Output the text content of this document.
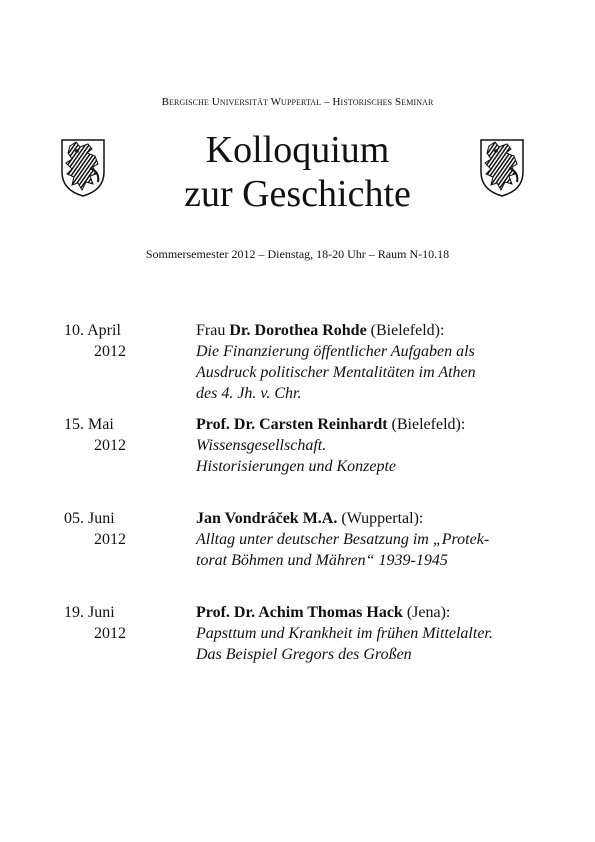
Bergische Universität Wuppertal – Historisches Seminar
Kolloquium
zur Geschichte
Sommersemester 2012 – Dienstag, 18-20 Uhr – Raum N-10.18
10. April
2012
Frau Dr. Dorothea Rohde (Bielefeld):
Die Finanzierung öffentlicher Aufgaben als
Ausdruck politischer Mentalitäten im Athen
des 4. Jh. v. Chr.
15. Mai
2012
Prof. Dr. Carsten Reinhardt (Bielefeld):
Wissensgesellschaft.
Historisierungen und Konzepte
05. Juni
2012
Jan Vondráček M.A. (Wuppertal):
Alltag unter deutscher Besatzung im „Protek-
torat Böhmen und Mähren“ 1939-1945
19. Juni
2012
Prof. Dr. Achim Thomas Hack (Jena):
Papsttum und Krankheit im frühen Mittelalter.
Das Beispiel Gregors des Großen
